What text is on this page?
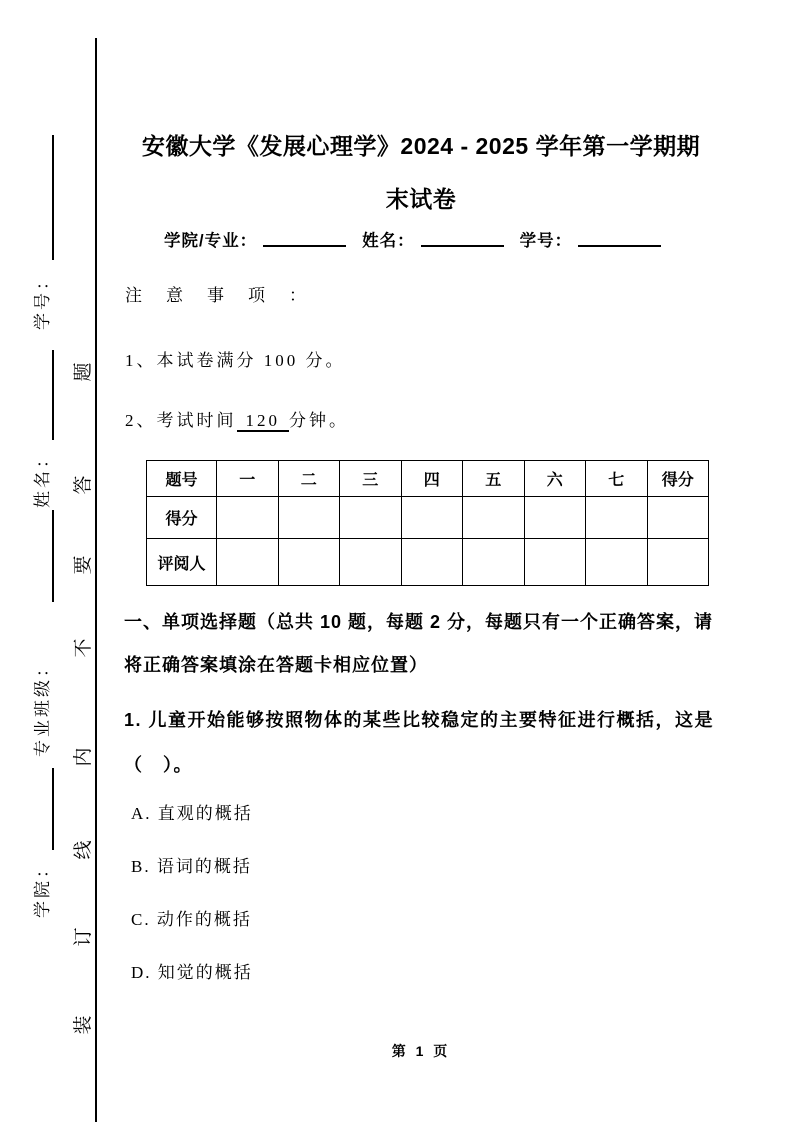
学号：
姓名：
专业班级：
学院：
题
答
要
不
内
线
订
装
安徽大学《发展心理学》2024 - 2025 学年第一学期期
末试卷
学院/专业：	姓名：	学号：
注意事项：
1、本试卷满分 100 分。
2、考试时间 120 分钟。
题号	一	二	三	四	五	六	七	得分
得分								
评阅人								
一、单项选择题（总共 10 题，每题 2 分，每题只有一个正确答案，请
将正确答案填涂在答题卡相应位置）
1. 儿童开始能够按照物体的某些比较稳定的主要特征进行概括，这是
（　）。
A. 直观的概括
B. 语词的概括
C. 动作的概括
D. 知觉的概括
第 1 页
